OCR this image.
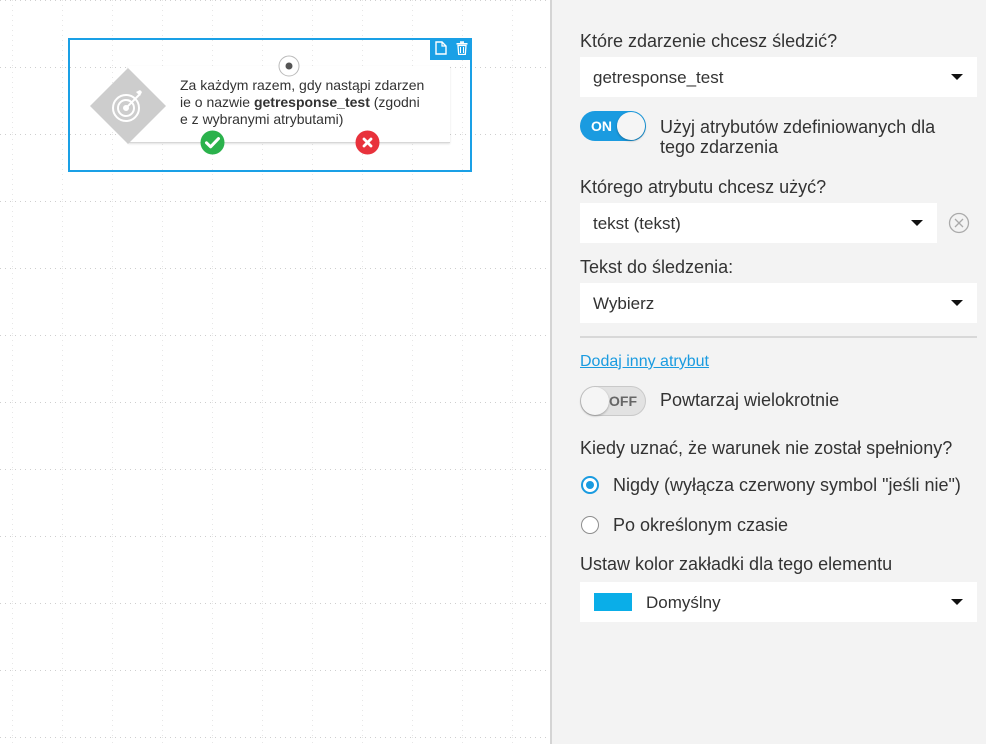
Za każdym razem, gdy nastąpi zdarzen
ie o nazwie getresponse_test (zgodni
e z wybranymi atrybutami)
Które zdarzenie chcesz śledzić?
getresponse_test
ON	Użyj atrybutów zdefiniowanych dla
tego zdarzenia
Którego atrybutu chcesz użyć?
tekst (tekst)
Tekst do śledzenia:
Wybierz
Dodaj inny atrybut
OFF Powtarzaj wielokrotnie
Kiedy uznać, że warunek nie został spełniony?
Nigdy (wyłącza czerwony symbol "jeśli nie")
Po określonym czasie
Ustaw kolor zakładki dla tego elementu
Domyślny
